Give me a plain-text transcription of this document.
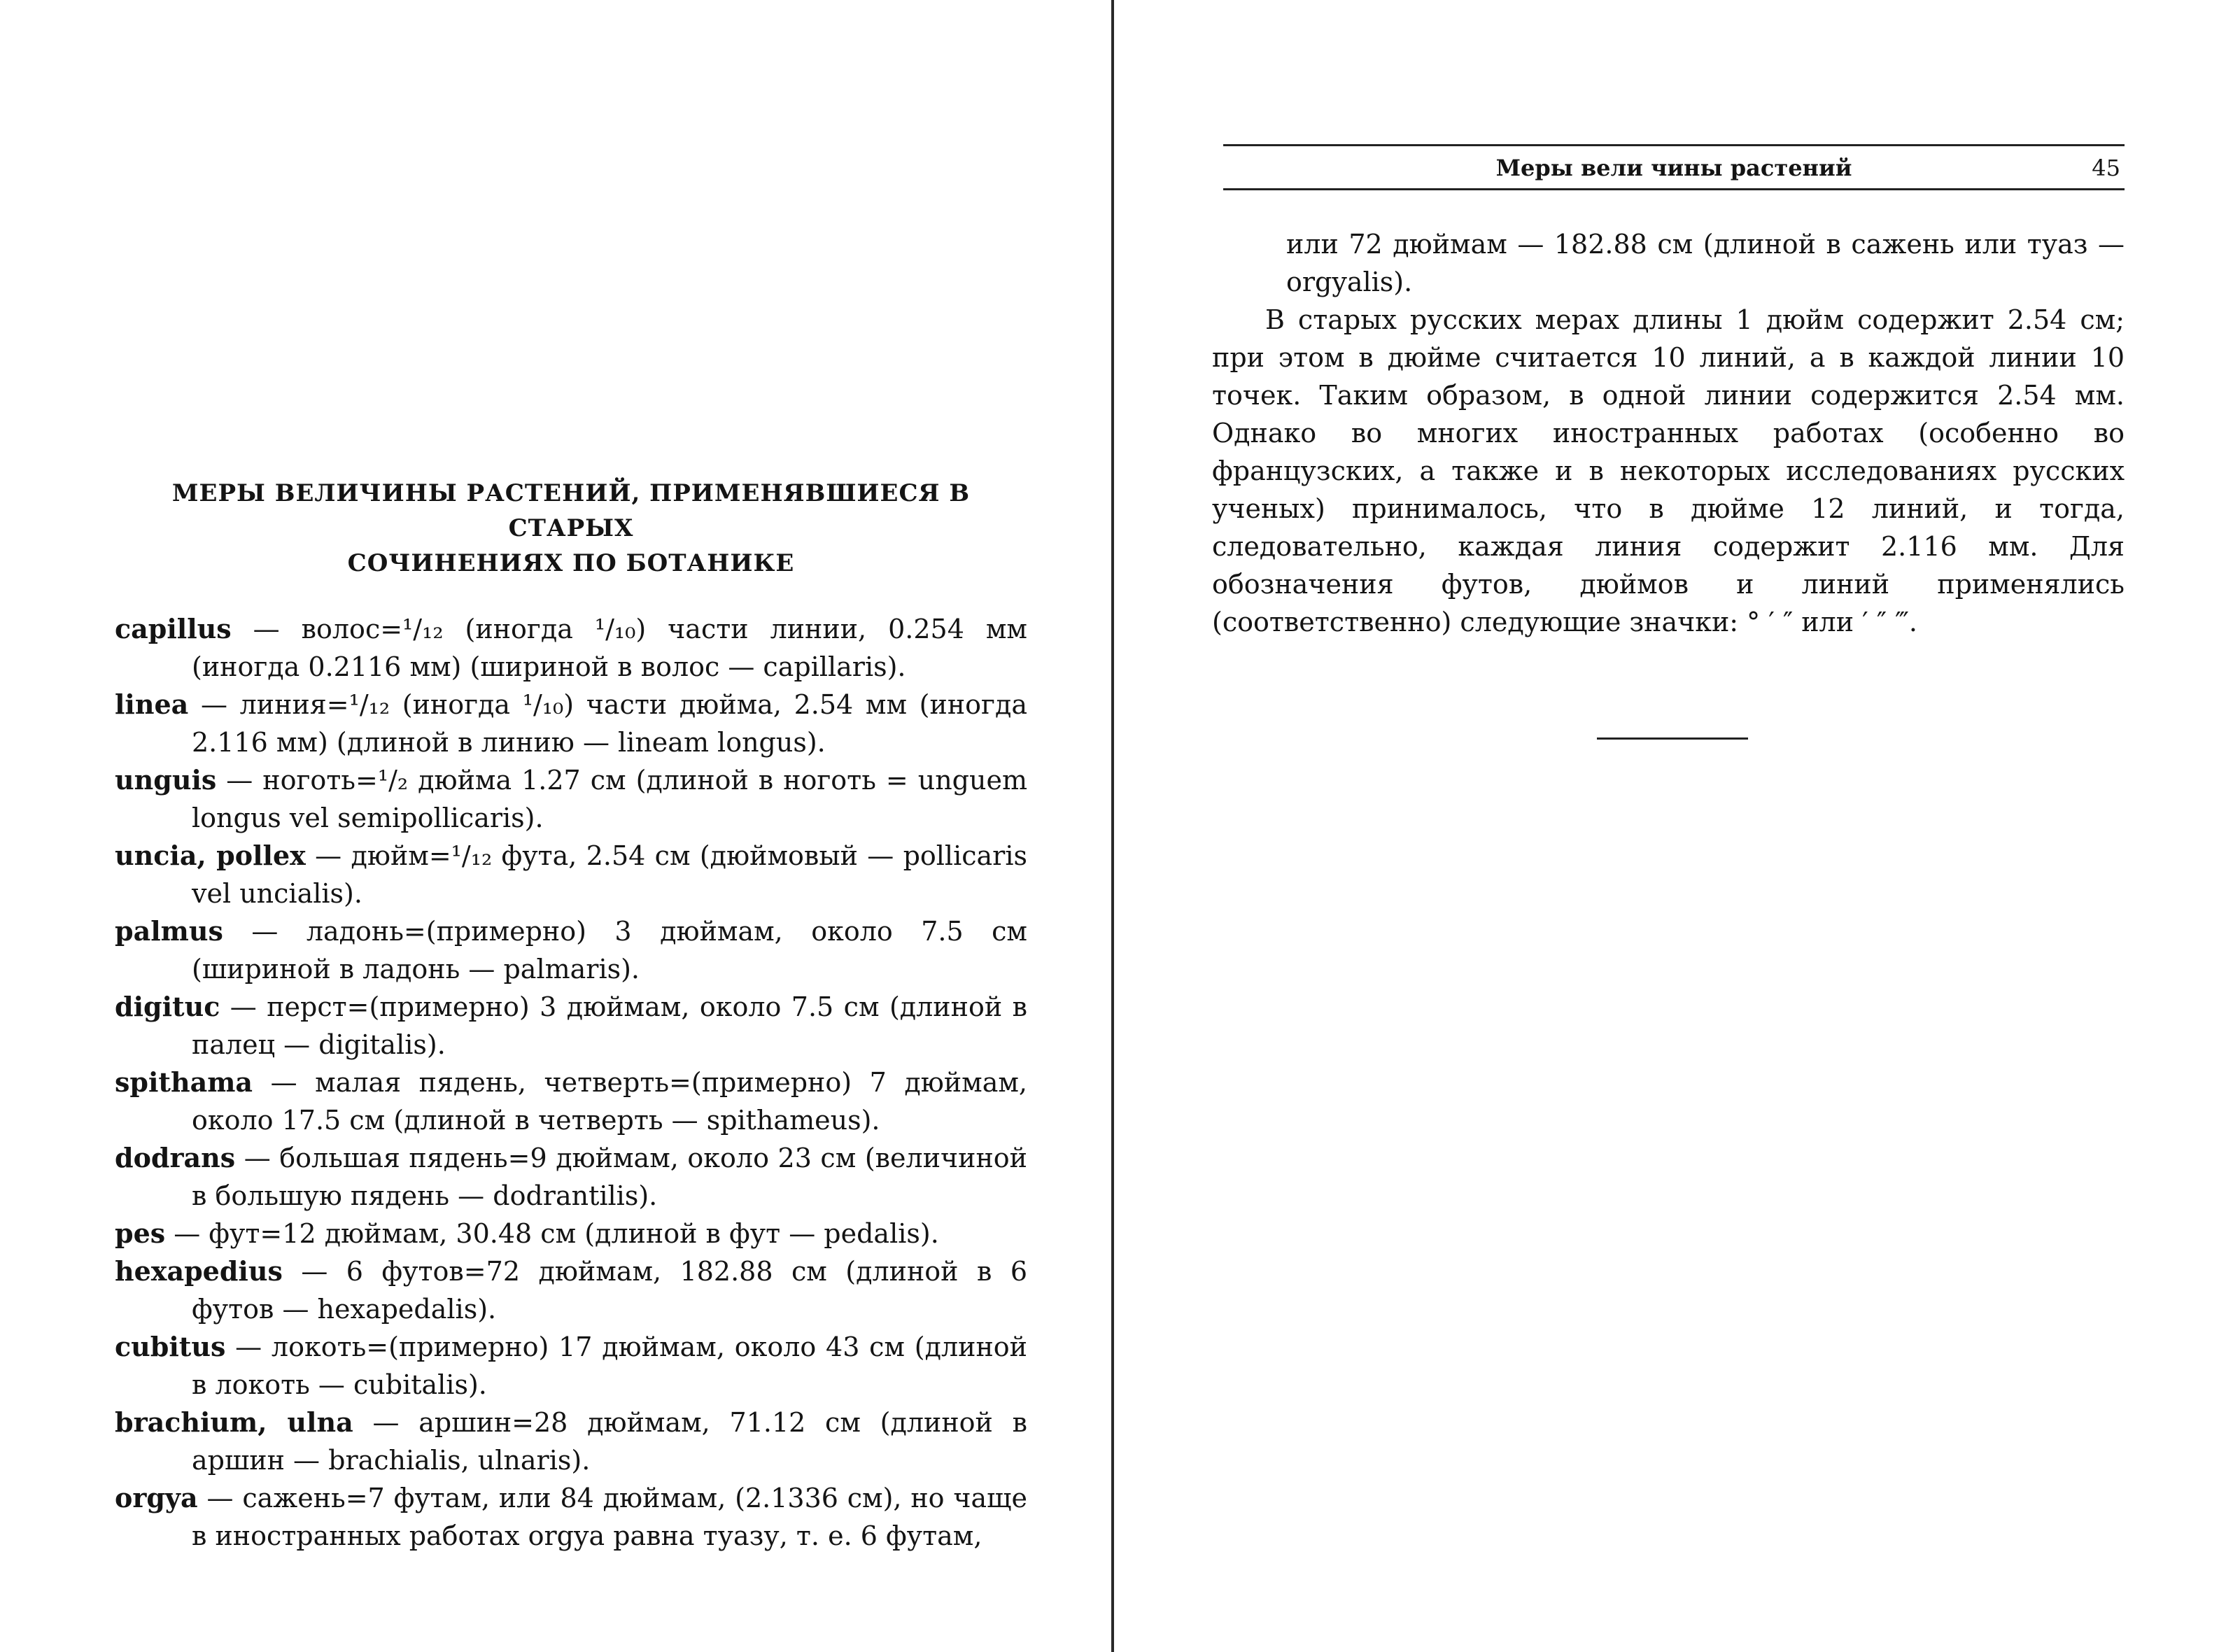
МЕРЫ ВЕЛИЧИНЫ РАСТЕНИЙ, ПРИМЕНЯВШИЕСЯ В СТАРЫХ
СОЧИНЕНИЯХ ПО БОТАНИКЕ
capillus — волос=¹/₁₂ (иногда ¹/₁₀) части линии, 0.254 мм (иногда 0.2116 мм) (шириной в волос — capillaris).
linea — линия=¹/₁₂ (иногда ¹/₁₀) части дюйма, 2.54 мм (иногда 2.116 мм) (длиной в линию — lineam longus).
unguis — ноготь=¹/₂ дюйма 1.27 см (длиной в ноготь = unguem longus vel semipollicaris).
uncia, pollex — дюйм=¹/₁₂ фута, 2.54 см (дюймовый — pollicaris vel uncialis).
palmus — ладонь=(примерно) 3 дюймам, около 7.5 см (шириной в ладонь — palmaris).
digituc — перст=(примерно) 3 дюймам, около 7.5 см (длиной в палец — digitalis).
spithama — малая пядень, четверть=(примерно) 7 дюймам, около 17.5 см (длиной в четверть — spithameus).
dodrans — большая пядень=9 дюймам, около 23 см (величиной в большую пядень — dodrantilis).
pes — фут=12 дюймам, 30.48 см (длиной в фут — pedalis).
hexapedius — 6 футов=72 дюймам, 182.88 см (длиной в 6 футов — hexapedalis).
cubitus — локоть=(примерно) 17 дюймам, около 43 см (длиной в локоть — cubitalis).
brachium, ulna — аршин=28 дюймам, 71.12 см (длиной в аршин — brachialis, ulnaris).
orgya — сажень=7 футам, или 84 дюймам, (2.1336 см), но чаще в иностранных работах orgya равна туазу, т. е. 6 футам,
Меры вели чины растений	45
или 72 дюймам — 182.88 см (длиной в сажень или туаз — orgyalis).
В старых русских мерах длины 1 дюйм содержит 2.54 см; при этом в дюйме считается 10 линий, а в каждой линии 10 точек. Таким образом, в одной линии содержится 2.54 мм. Однако во многих иностранных работах (особенно во французских, а также и в некоторых исследованиях русских ученых) принималось, что в дюйме 12 линий, и тогда, следовательно, каждая линия содержит 2.116 мм. Для обозначения футов, дюймов и линий применялись (соответственно) следующие значки: ° ′ ″ или ′ ″ ‴.
